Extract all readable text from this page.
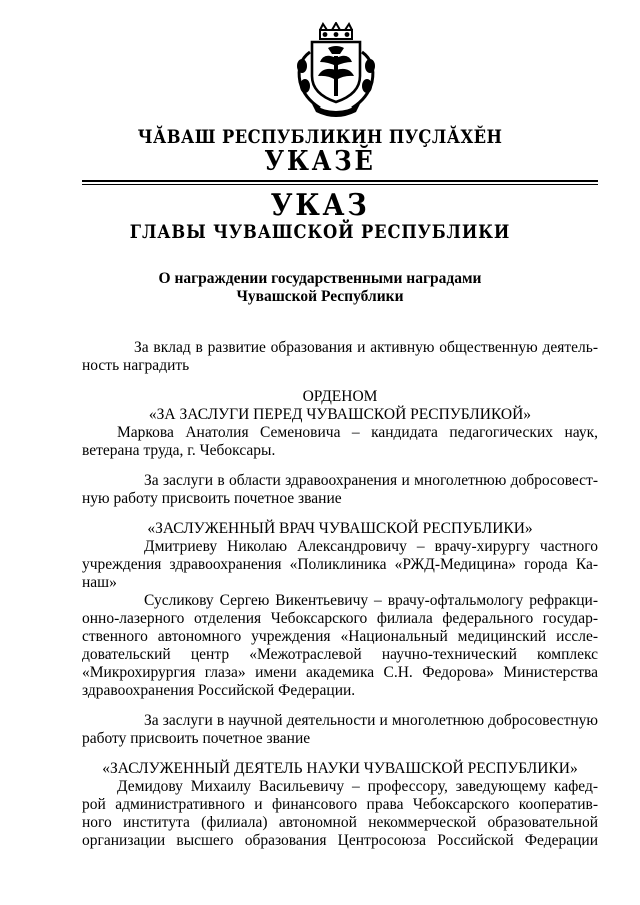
ЧӐВАШ РЕСПУБЛИКИН ПУҪЛӐХӖН
УКАЗӖ
УКАЗ
ГЛАВЫ ЧУВАШСКОЙ РЕСПУБЛИКИ
О награждении государственными наградами
Чувашской Республики

За вклад в развитие образования и активную общественную деятель-

ность наградить

ОРДЕНОМ

«ЗА ЗАСЛУГИ ПЕРЕД ЧУВАШСКОЙ РЕСПУБЛИКОЙ»

Маркова Анатолия Семеновича – кандидата педагогических наук,

ветерана труда, г. Чебоксары.

За заслуги в области здравоохранения и многолетнюю добросовест-

ную работу присвоить почетное звание

«ЗАСЛУЖЕННЫЙ ВРАЧ ЧУВАШСКОЙ РЕСПУБЛИКИ»

Дмитриеву Николаю Александровичу – врачу-хирургу частного

учреждения здравоохранения «Поликлиника «РЖД-Медицина» города Ка-

наш»

Сусликову Сергею Викентьевичу – врачу-офтальмологу рефракци-

онно-лазерного отделения Чебоксарского филиала федерального государ-

ственного автономного учреждения «Национальный медицинский иссле-

довательский центр «Межотраслевой научно-технический комплекс

«Микрохирургия глаза» имени академика С.Н. Федорова» Министерства

здравоохранения Российской Федерации.

За заслуги в научной деятельности и многолетнюю добросовестную

работу присвоить почетное звание

«ЗАСЛУЖЕННЫЙ ДЕЯТЕЛЬ НАУКИ ЧУВАШСКОЙ РЕСПУБЛИКИ»

Демидову Михаилу Васильевичу – профессору, заведующему кафед-

рой административного и финансового права Чебоксарского кооператив-

ного института (филиала) автономной некоммерческой образовательной

организации высшего образования Центросоюза Российской Федерации
